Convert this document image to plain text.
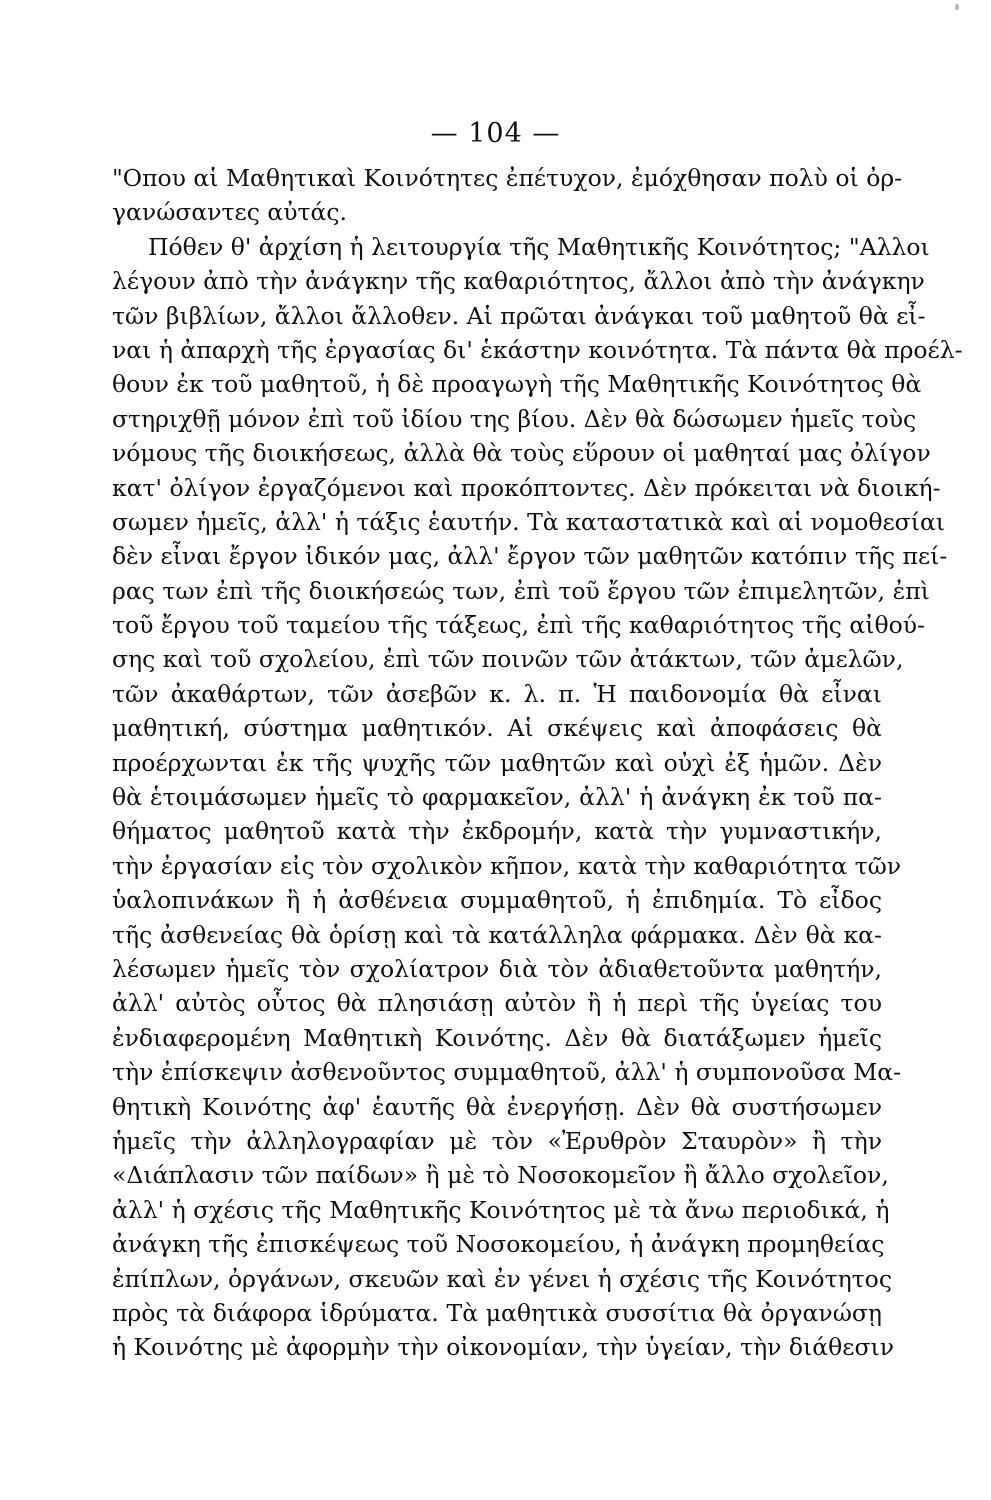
— 104 —
"Οπου αἱ Μαθητικαὶ Κοινότητες ἐπέτυχον, ἐμόχθησαν πολὺ οἱ ὀρ-
γανώσαντες αὐτάς.
Πόθεν θ' ἀρχίση ἡ λειτουργία τῆς Μαθητικῆς Κοινότητος; "Αλλοι
λέγουν ἀπὸ τὴν ἀνάγκην τῆς καθαριότητος, ἄλλοι ἀπὸ τὴν ἀνάγκην
τῶν βιβλίων, ἄλλοι ἄλλοθεν. Αἱ πρῶται ἀνάγκαι τοῦ μαθητοῦ θὰ εἶ-
ναι ἡ ἀπαρχὴ τῆς ἐργασίας δι' ἑκάστην κοινότητα. Τὰ πάντα θὰ προέλ-
θουν ἐκ τοῦ μαθητοῦ, ἡ δὲ προαγωγὴ τῆς Μαθητικῆς Κοινότητος θὰ
στηριχθῇ μόνον ἐπὶ τοῦ ἰδίου της βίου. Δὲν θὰ δώσωμεν ἡμεῖς τοὺς
νόμους τῆς διοικήσεως, ἀλλὰ θὰ τοὺς εὕρουν οἱ μαθηταί μας ὀλίγον
κατ' ὀλίγον ἐργαζόμενοι καὶ προκόπτοντες. Δὲν πρόκειται νὰ διοική-
σωμεν ἡμεῖς, ἀλλ' ἡ τάξις ἑαυτήν. Τὰ καταστατικὰ καὶ αἱ νομοθεσίαι
δὲν εἶναι ἔργον ἰδικόν μας, ἀλλ' ἔργον τῶν μαθητῶν κατόπιν τῆς πεί-
ρας των ἐπὶ τῆς διοικήσεώς των, ἐπὶ τοῦ ἔργου τῶν ἐπιμελητῶν, ἐπὶ
τοῦ ἔργου τοῦ ταμείου τῆς τάξεως, ἐπὶ τῆς καθαριότητος τῆς αἰθού-
σης καὶ τοῦ σχολείου, ἐπὶ τῶν ποινῶν τῶν ἀτάκτων, τῶν ἀμελῶν,
τῶν ἀκαθάρτων, τῶν ἀσεβῶν κ. λ. π. Ἡ παιδονομία θὰ εἶναι
μαθητική, σύστημα μαθητικόν. Αἱ σκέψεις καὶ ἀποφάσεις θὰ
προέρχωνται ἐκ τῆς ψυχῆς τῶν μαθητῶν καὶ οὐχὶ ἐξ ἡμῶν. Δὲν
θὰ ἑτοιμάσωμεν ἡμεῖς τὸ φαρμακεῖον, ἀλλ' ἡ ἀνάγκη ἐκ τοῦ πα-
θήματος μαθητοῦ κατὰ τὴν ἐκδρομήν, κατὰ τὴν γυμναστικήν,
τὴν ἐργασίαν εἰς τὸν σχολικὸν κῆπον, κατὰ τὴν καθαριότητα τῶν
ὑαλοπινάκων ἢ ἡ ἀσθένεια συμμαθητοῦ, ἡ ἐπιδημία. Τὸ εἶδος
τῆς ἀσθενείας θὰ ὁρίσῃ καὶ τὰ κατάλληλα φάρμακα. Δὲν θὰ κα-
λέσωμεν ἡμεῖς τὸν σχολίατρον διὰ τὸν ἀδιαθετοῦντα μαθητήν,
ἀλλ' αὐτὸς οὗτος θὰ πλησιάσῃ αὐτὸν ἢ ἡ περὶ τῆς ὑγείας του
ἐνδιαφερομένη Μαθητικὴ Κοινότης. Δὲν θὰ διατάξωμεν ἡμεῖς
τὴν ἐπίσκεψιν ἀσθενοῦντος συμμαθητοῦ, ἀλλ' ἡ συμπονοῦσα Μα-
θητικὴ Κοινότης ἀφ' ἑαυτῆς θὰ ἐνεργήσῃ. Δὲν θὰ συστήσωμεν
ἡμεῖς τὴν ἀλληλογραφίαν μὲ τὸν «Ἐρυθρὸν Σταυρὸν» ἢ τὴν
«Διάπλασιν τῶν παίδων» ἢ μὲ τὸ Νοσοκομεῖον ἢ ἄλλο σχολεῖον,
ἀλλ' ἡ σχέσις τῆς Μαθητικῆς Κοινότητος μὲ τὰ ἄνω περιοδικά, ἡ
ἀνάγκη τῆς ἐπισκέψεως τοῦ Νοσοκομείου, ἡ ἀνάγκη προμηθείας
ἐπίπλων, ὀργάνων, σκευῶν καὶ ἐν γένει ἡ σχέσις τῆς Κοινότητος
πρὸς τὰ διάφορα ἱδρύματα. Τὰ μαθητικὰ συσσίτια θὰ ὀργανώσῃ
ἡ Κοινότης μὲ ἀφορμὴν τὴν οἰκονομίαν, τὴν ὑγείαν, τὴν διάθεσιν
